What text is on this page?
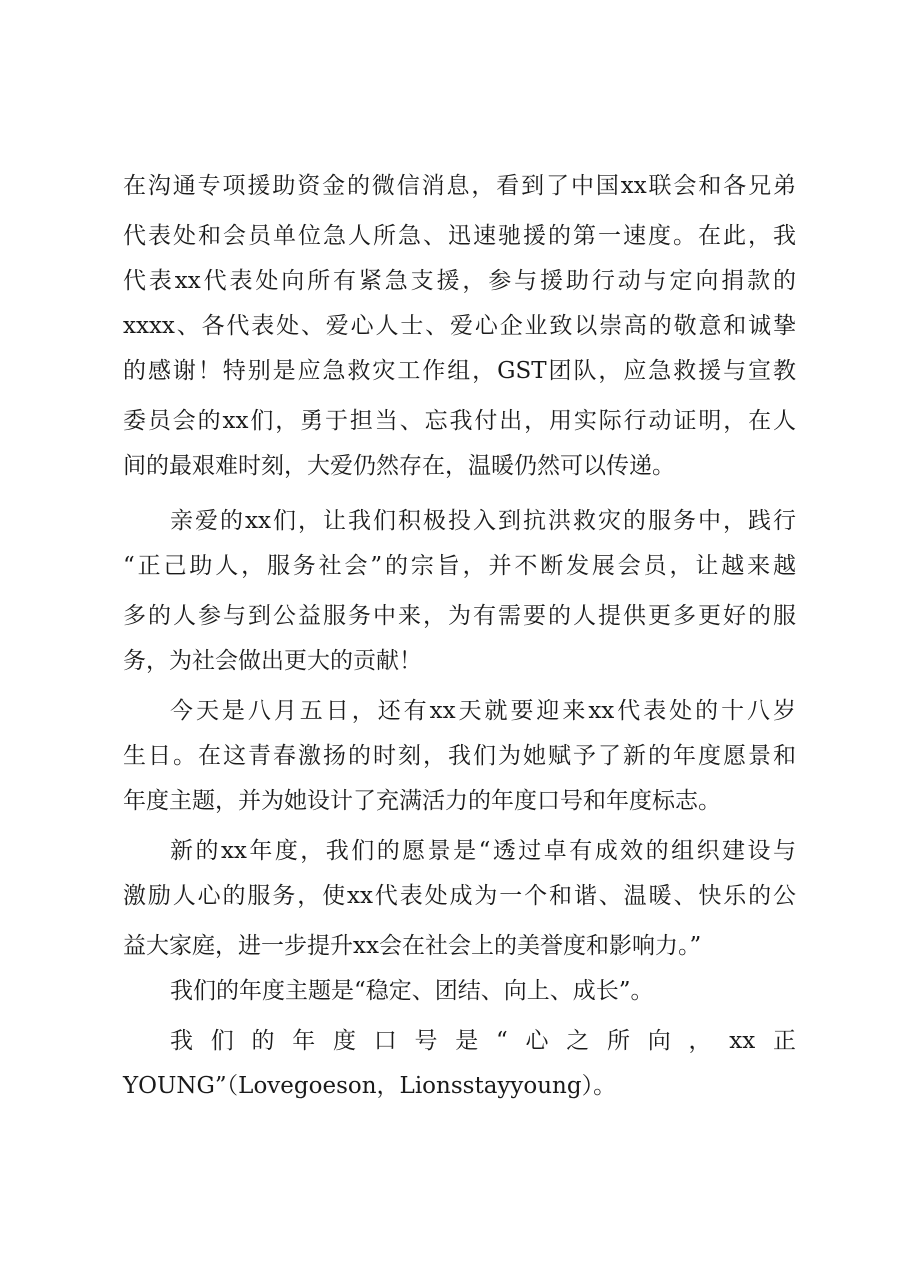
在沟通专项援助资金的微信消息，看到了中国xx联会和各兄弟
代表处和会员单位急人所急、迅速驰援的第一速度。在此，我
代表xx代表处向所有紧急支援，参与援助行动与定向捐款的
xxxx、各代表处、爱心人士、爱心企业致以崇高的敬意和诚挚
的感谢！特别是应急救灾工作组，GST团队，应急救援与宣教
委员会的xx们，勇于担当、忘我付出，用实际行动证明，在人
间的最艰难时刻，大爱仍然存在，温暖仍然可以传递。
亲爱的xx们，让我们积极投入到抗洪救灾的服务中，践行
“正己助人，服务社会”的宗旨，并不断发展会员，让越来越
多的人参与到公益服务中来，为有需要的人提供更多更好的服
务，为社会做出更大的贡献！
今天是八月五日，还有xx天就要迎来xx代表处的十八岁
生日。在这青春激扬的时刻，我们为她赋予了新的年度愿景和
年度主题，并为她设计了充满活力的年度口号和年度标志。
新的xx年度，我们的愿景是“透过卓有成效的组织建设与
激励人心的服务，使xx代表处成为一个和谐、温暖、快乐的公
益大家庭，进一步提升xx会在社会上的美誉度和影响力。”
我们的年度主题是“稳定、团结、向上、成长”。
我们的年度口号是“心之所向，xx正
YOUNG”（Lovegoeson，Lionsstayyoung）。
